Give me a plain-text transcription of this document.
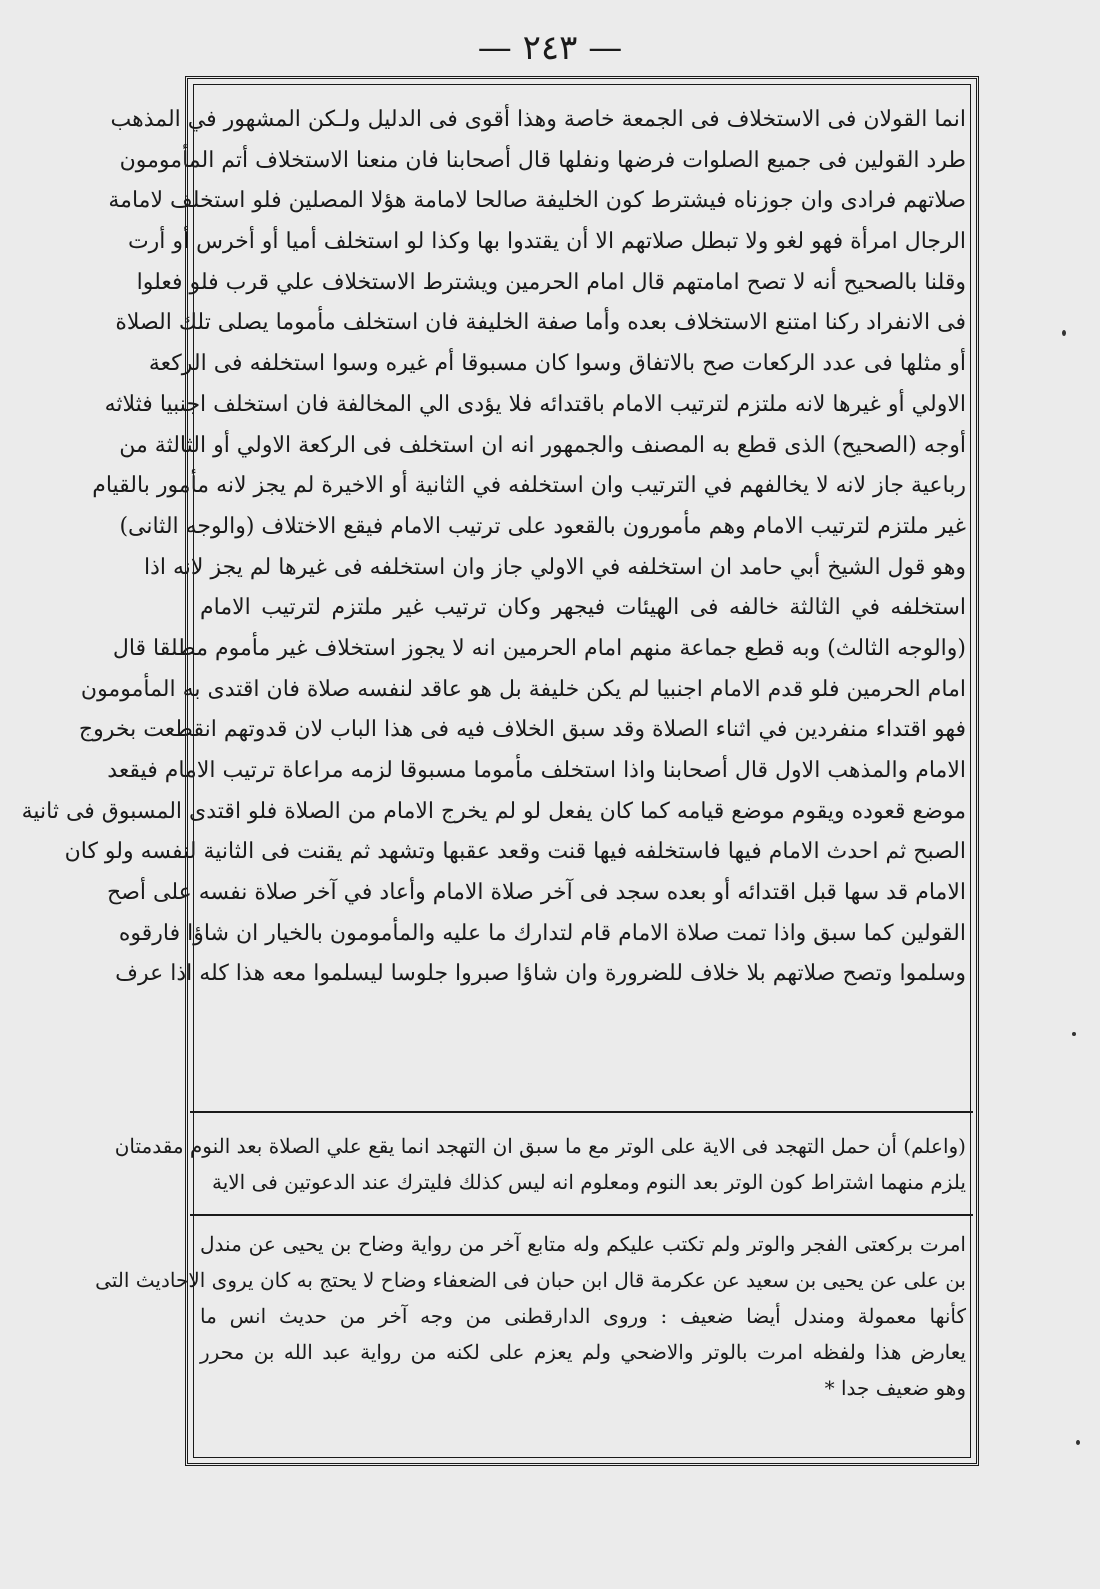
— ٢٤٣ —
انما القولان فى الاستخلاف فى الجمعة خاصة وهذا أقوى فى الدليل ولـكن المشهور في المذهب
طرد القولين فى جميع الصلوات فرضها ونفلها قال أصحابنا فان منعنا الاستخلاف أتم المأمومون
صلاتهم فرادى وان جوزناه فيشترط كون الخليفة صالحا لامامة هؤلا المصلين فلو استخلف لامامة
الرجال امرأة فهو لغو ولا تبطل صلاتهم الا أن يقتدوا بها وكذا لو استخلف أميا أو أخرس أو أرت
وقلنا بالصحيح أنه لا تصح امامتهم قال امام الحرمين ويشترط الاستخلاف علي قرب فلو فعلوا
فى الانفراد ركنا امتنع الاستخلاف بعده وأما صفة الخليفة فان استخلف مأموما يصلى تلك الصلاة
أو مثلها فى عدد الركعات صح بالاتفاق وسوا كان مسبوقا أم غيره وسوا استخلفه فى الركعة
الاولي أو غيرها لانه ملتزم لترتيب الامام باقتدائه فلا يؤدى الي المخالفة فان استخلف اجنبيا فثلاثه
أوجه (الصحيح) الذى قطع به المصنف والجمهور انه ان استخلف فى الركعة الاولي أو الثالثة من
رباعية جاز لانه لا يخالفهم في الترتيب وان استخلفه في الثانية أو الاخيرة لم يجز لانه مأمور بالقيام
غير ملتزم لترتيب الامام وهم مأمورون بالقعود على ترتيب الامام فيقع الاختلاف (والوجه الثانى)
وهو قول الشيخ أبي حامد ان استخلفه في الاولي جاز وان استخلفه فى غيرها لم يجز لانه اذا
استخلفه في الثالثة خالفه فى الهيئات فيجهر وكان ترتيب غير ملتزم لترتيب الامام
(والوجه الثالث) وبه قطع جماعة منهم امام الحرمين انه لا يجوز استخلاف غير مأموم مطلقا قال
امام الحرمين فلو قدم الامام اجنبيا لم يكن خليفة بل هو عاقد لنفسه صلاة فان اقتدى به المأمومون
فهو اقتداء منفردين في اثناء الصلاة وقد سبق الخلاف فيه فى هذا الباب لان قدوتهم انقطعت بخروج
الامام والمذهب الاول قال أصحابنا واذا استخلف مأموما مسبوقا لزمه مراعاة ترتيب الامام فيقعد
موضع قعوده ويقوم موضع قيامه كما كان يفعل لو لم يخرج الامام من الصلاة فلو اقتدى المسبوق فى ثانية
الصبح ثم احدث الامام فيها فاستخلفه فيها قنت وقعد عقبها وتشهد ثم يقنت فى الثانية لنفسه ولو كان
الامام قد سها قبل اقتدائه أو بعده سجد فى آخر صلاة الامام وأعاد في آخر صلاة نفسه على أصح
القولين كما سبق واذا تمت صلاة الامام قام لتدارك ما عليه والمأمومون بالخيار ان شاؤا فارقوه
وسلموا وتصح صلاتهم بلا خلاف للضرورة وان شاؤا صبروا جلوسا ليسلموا معه هذا كله اذا عرف
(واعلم) أن حمل التهجد فى الاية على الوتر مع ما سبق ان التهجد انما يقع علي الصلاة بعد النوم مقدمتان
يلزم منهما اشتراط كون الوتر بعد النوم ومعلوم انه ليس كذلك فليترك عند الدعوتين فى الاية
امرت بركعتى الفجر والوتر ولم تكتب عليكم وله متابع آخر من رواية وضاح بن يحيى عن مندل
بن على عن يحيى بن سعيد عن عكرمة قال ابن حبان فى الضعفاء وضاح لا يحتج به كان يروى الاحاديث التى
كأنها معمولة ومندل أيضا ضعيف : وروى الدارقطنى من وجه آخر من حديث انس ما
يعارض هذا ولفظه امرت بالوتر والاضحي ولم يعزم على لكنه من رواية عبد الله بن محرر
وهو ضعيف جدا *
